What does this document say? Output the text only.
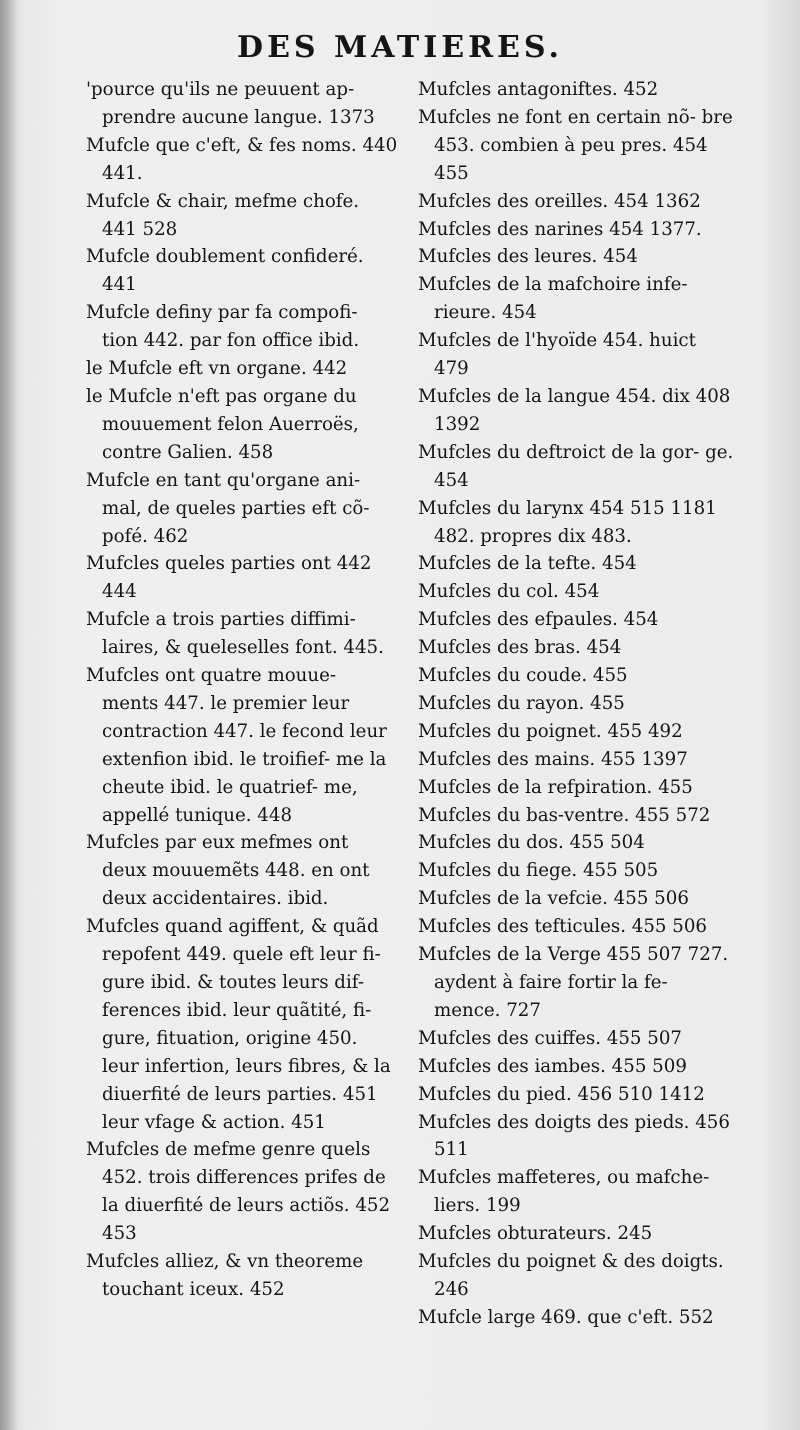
DES MATIERES.
'pource qu'ils ne peuuent ap- prendre aucune langue. 1373
Mufcle que c'eft, & fes noms. 440 441.
Mufcle & chair, mefme chofe. 441 528
Mufcle doublement confideré. 441
Mufcle definy par fa compofi- tion 442. par fon office ibid.
le Mufcle eft vn organe. 442
le Mufcle n'eft pas organe du mouuement felon Auerroës, contre Galien. 458
Mufcle en tant qu'organe ani- mal, de queles parties eft cõ- pofé. 462
Mufcles queles parties ont 442 444
Mufcle a trois parties diffimi- laires, & queleselles font. 445.
Mufcles ont quatre mouue- ments 447. le premier leur contraction 447. le fecond leur extenfion ibid. le troifief- me la cheute ibid. le quatrief- me, appellé tunique. 448
Mufcles par eux mefmes ont deux mouuemẽts 448. en ont deux accidentaires. ibid.
Mufcles quand agiffent, & quãd repofent 449. quele eft leur fi- gure ibid. & toutes leurs dif- ferences ibid. leur quãtité, fi- gure, fituation, origine 450. leur infertion, leurs fibres, & la diuerfité de leurs parties. 451 leur vfage & action. 451
Mufcles de mefme genre quels 452. trois differences prifes de la diuerfité de leurs actiõs. 452 453
Mufcles alliez, & vn theoreme touchant iceux. 452
Mufcles antagoniftes. 452
Mufcles ne font en certain nõ- bre 453. combien à peu pres. 454 455
Mufcles des oreilles. 454 1362
Mufcles des narines 454 1377.
Mufcles des leures. 454
Mufcles de la mafchoire infe- rieure. 454
Mufcles de l'hyoïde 454. huict 479
Mufcles de la langue 454. dix 408 1392
Mufcles du deftroict de la gor- ge. 454
Mufcles du larynx 454 515 1181 482. propres dix 483.
Mufcles de la tefte. 454
Mufcles du col. 454
Mufcles des efpaules. 454
Mufcles des bras. 454
Mufcles du coude. 455
Mufcles du rayon. 455
Mufcles du poignet. 455 492
Mufcles des mains. 455 1397
Mufcles de la refpiration. 455
Mufcles du bas-ventre. 455 572
Mufcles du dos. 455 504
Mufcles du fiege. 455 505
Mufcles de la vefcie. 455 506
Mufcles des tefticules. 455 506
Mufcles de la Verge 455 507 727. aydent à faire fortir la fe- mence. 727
Mufcles des cuiffes. 455 507
Mufcles des iambes. 455 509
Mufcles du pied. 456 510 1412
Mufcles des doigts des pieds. 456 511
Mufcles maffeteres, ou mafche- liers. 199
Mufcles obturateurs. 245
Mufcles du poignet & des doigts. 246
Mufcle large 469. que c'eft. 552
